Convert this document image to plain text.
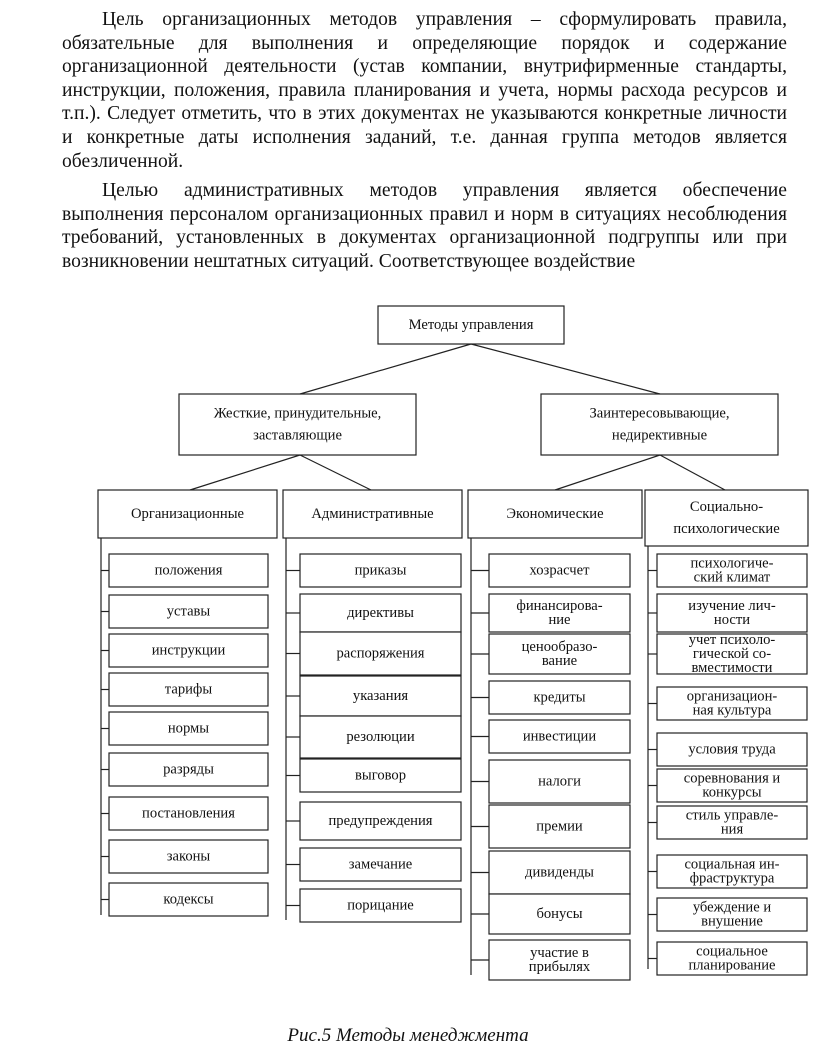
Цель организационных методов управления – сформулировать правила, обязательные для выполнения и определяющие порядок и содержание организационной деятельности (устав компании, внутрифирменные стандарты, инструкции, положения, правила планирования и учета, нормы расхода ресурсов и т.п.). Следует отметить, что в этих документах не указываются конкретные личности и конкретные даты исполнения заданий, т.е. данная группа методов является обезличенной.

Целью административных методов управления является обеспечение выполнения персоналом организационных правил и норм в ситуациях несоблюдения требований, установленных в документах организационной подгруппы или при возникновении нештатных ситуаций. Соответствующее воздействие

Методы управления
Жесткие, принудительные,
заставляющие
Заинтересовывающие,
недирективные
Организационные
положения
уставы
инструкции
тарифы
нормы
разряды
постановления
законы
кодексы
Административные
приказы
директивы
распоряжения
указания
резолюции
выговор
предупреждения
замечание
порицание
Экономические
хозрасчет
финансирова-
ние
ценообразо-
вание
кредиты
инвестиции
налоги
премии
дивиденды
бонусы
участие в
прибылях
Социально-
психологические
психологиче-
ский климат
изучение лич-
ности
учет психоло-
гической со-
вместимости
организацион-
ная культура
условия труда
соревнования и
конкурсы
стиль управле-
ния
социальная ин-
фраструктура
убеждение и
внушение
социальное
планирование

Рис.5 Методы менеджмента
